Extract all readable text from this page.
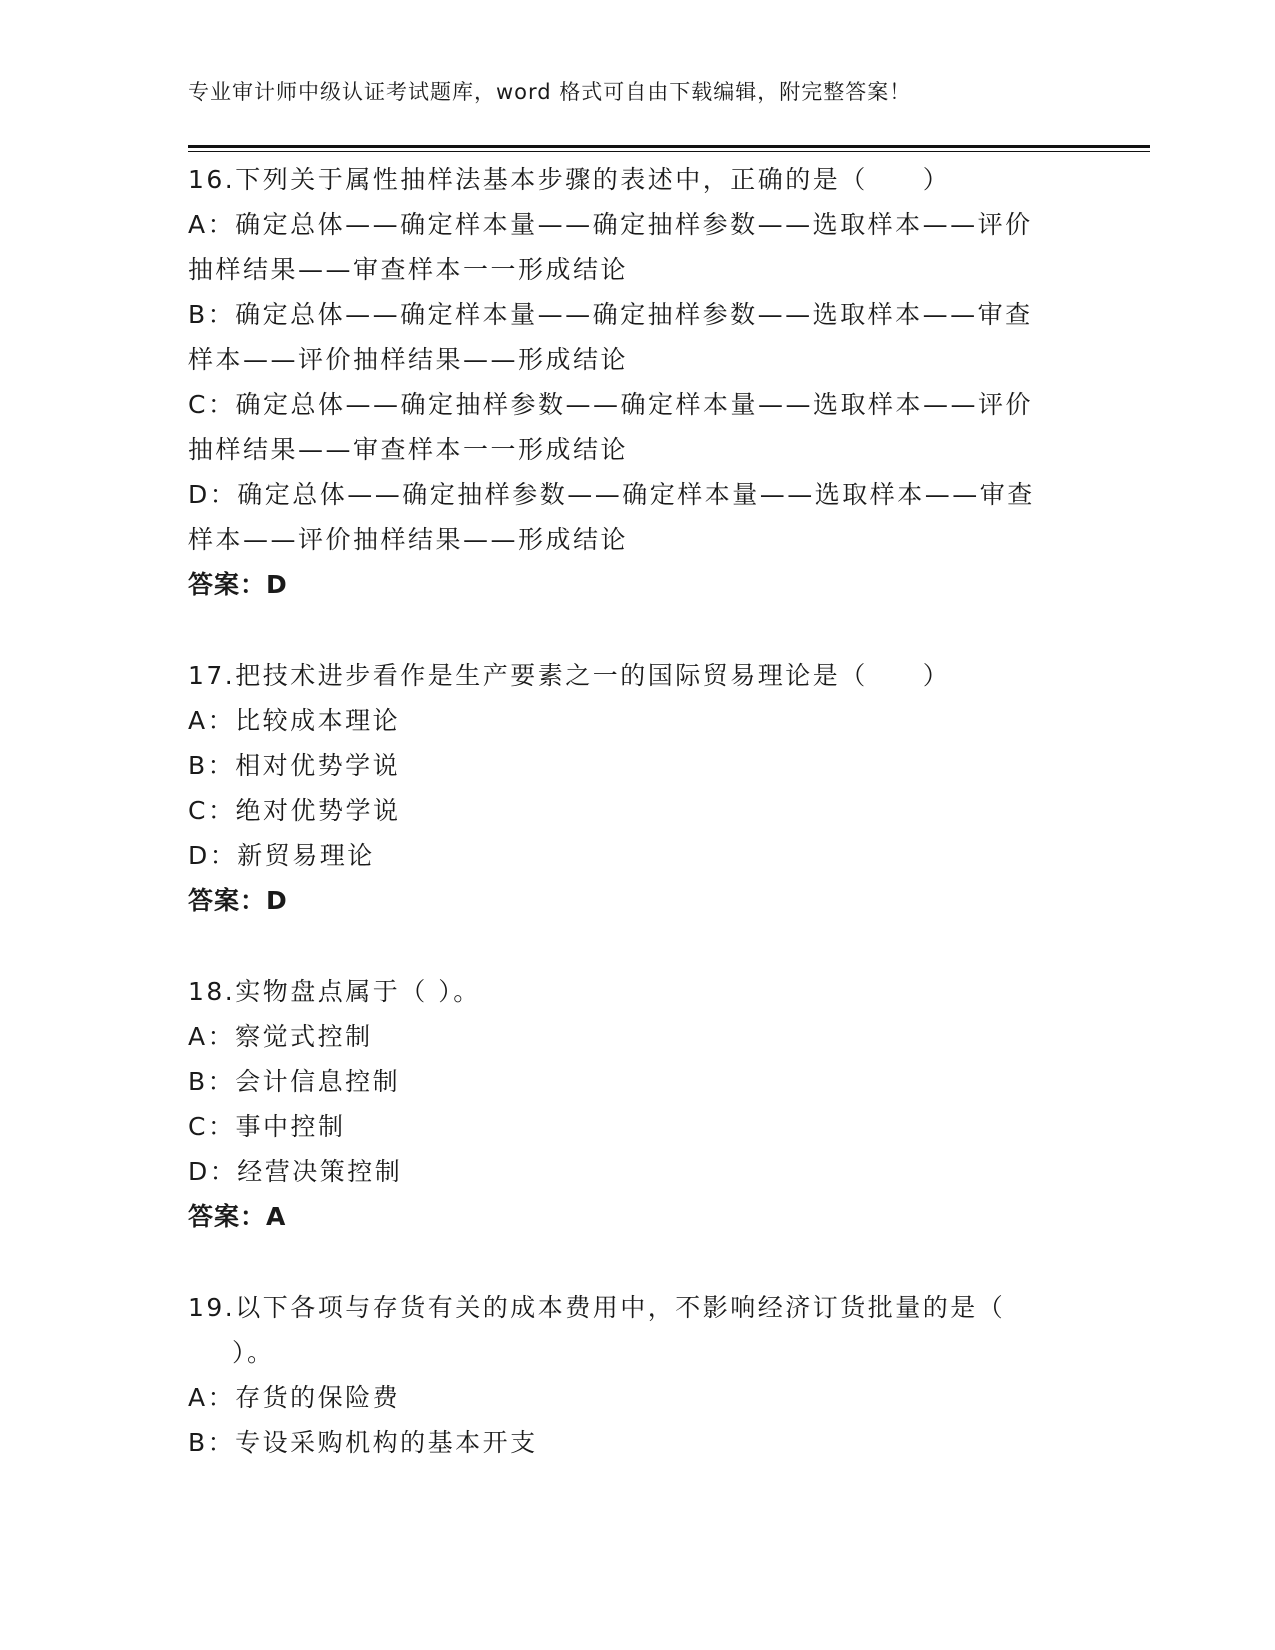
专业审计师中级认证考试题库，word 格式可自由下载编辑，附完整答案！
16.下列关于属性抽样法基本步骤的表述中，正确的是（　　）
A：确定总体——确定样本量——确定抽样参数——选取样本——评价
抽样结果——审查样本一一形成结论
B：确定总体——确定样本量——确定抽样参数——选取样本——审查
样本——评价抽样结果——形成结论
C：确定总体——确定抽样参数——确定样本量——选取样本——评价
抽样结果——审查样本一一形成结论
D：确定总体——确定抽样参数——确定样本量——选取样本——审查
样本——评价抽样结果——形成结论
答案：D
17.把技术进步看作是生产要素之一的国际贸易理论是（　　）
A：比较成本理论
B：相对优势学说
C：绝对优势学说
D：新贸易理论
答案：D
18.实物盘点属于（ ）。
A：察觉式控制
B：会计信息控制
C：事中控制
D：经营决策控制
答案：A
19.以下各项与存货有关的成本费用中，不影响经济订货批量的是（
）。
A：存货的保险费
B：专设采购机构的基本开支
